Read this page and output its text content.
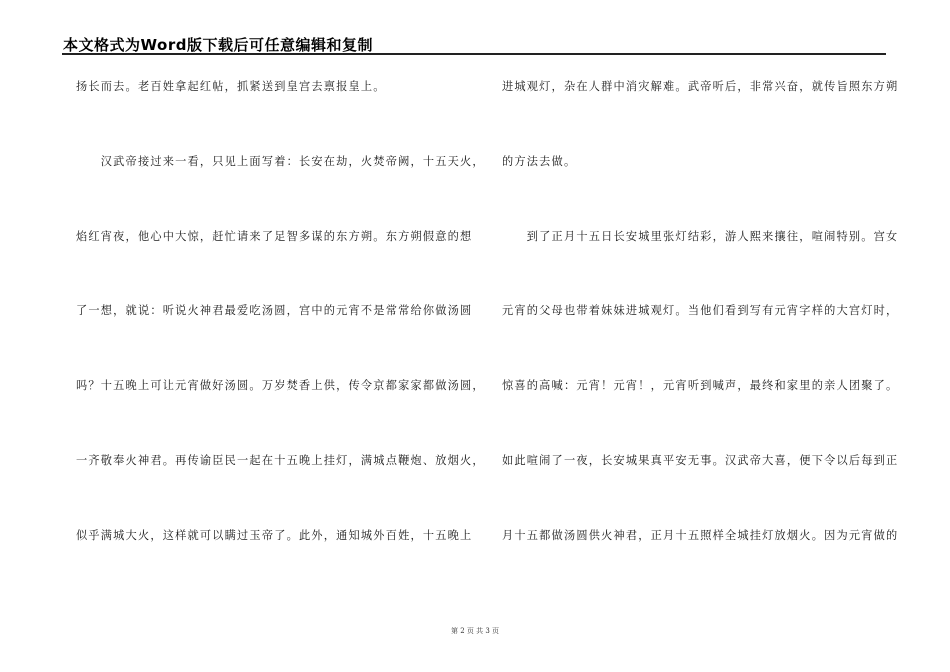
本文格式为Word版下载后可任意编辑和复制
扬长而去。老百姓拿起红帖，抓紧送到皇宫去禀报皇上。
　　汉武帝接过来一看，只见上面写着：长安在劫，火焚帝阙，十五天火，
焰红宵夜，他心中大惊，赶忙请来了足智多谋的东方朔。东方朔假意的想
了一想，就说：听说火神君最爱吃汤圆，宫中的元宵不是常常给你做汤圆
吗？十五晚上可让元宵做好汤圆。万岁焚香上供，传令京都家家都做汤圆，
一齐敬奉火神君。再传谕臣民一起在十五晚上挂灯，满城点鞭炮、放烟火，
似乎满城大火，这样就可以瞒过玉帝了。此外，通知城外百姓，十五晚上
进城观灯，杂在人群中消灾解难。武帝听后，非常兴奋，就传旨照东方朔
的方法去做。
　　到了正月十五日长安城里张灯结彩，游人熙来攘往，喧闹特别。宫女
元宵的父母也带着妹妹进城观灯。当他们看到写有元宵字样的大宫灯时，
惊喜的高喊：元宵！元宵！，元宵听到喊声，最终和家里的亲人团聚了。
如此喧闹了一夜，长安城果真平安无事。汉武帝大喜，便下令以后每到正
月十五都做汤圆供火神君，正月十五照样全城挂灯放烟火。因为元宵做的
第 2 页 共 3 页
